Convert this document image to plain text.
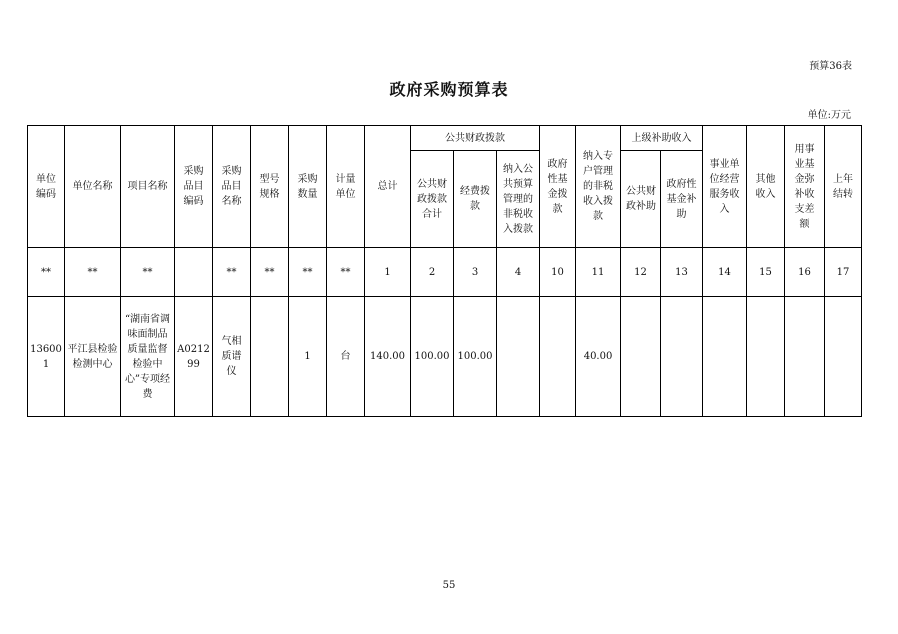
预算36表
政府采购预算表
单位:万元
单位编码	单位名称	项目名称	采购品目编码	采购品目名称	型号规格	采购数量	计量单位	总计	公共财政拨款			政府性基金拨款	纳入专户管理的非税收入拨款	上级补助收入		事业单位经营服务收入	其他收入	用事业基金弥补收支差额	上年结转
									公共财政拨款合计	经费拨款	纳入公共预算管理的非税收入拨款			公共财政补助	政府性基金补助				
**	**	**		**	**	**	**	1	2	3	4	10	11	12	13	14	15	16	17
136001	平江县检验检测中心	“湖南省调味面制品质量监督检验中心”专项经费	A021299	气相质谱仪		1	台	140.00	100.00	100.00			40.00						
55
